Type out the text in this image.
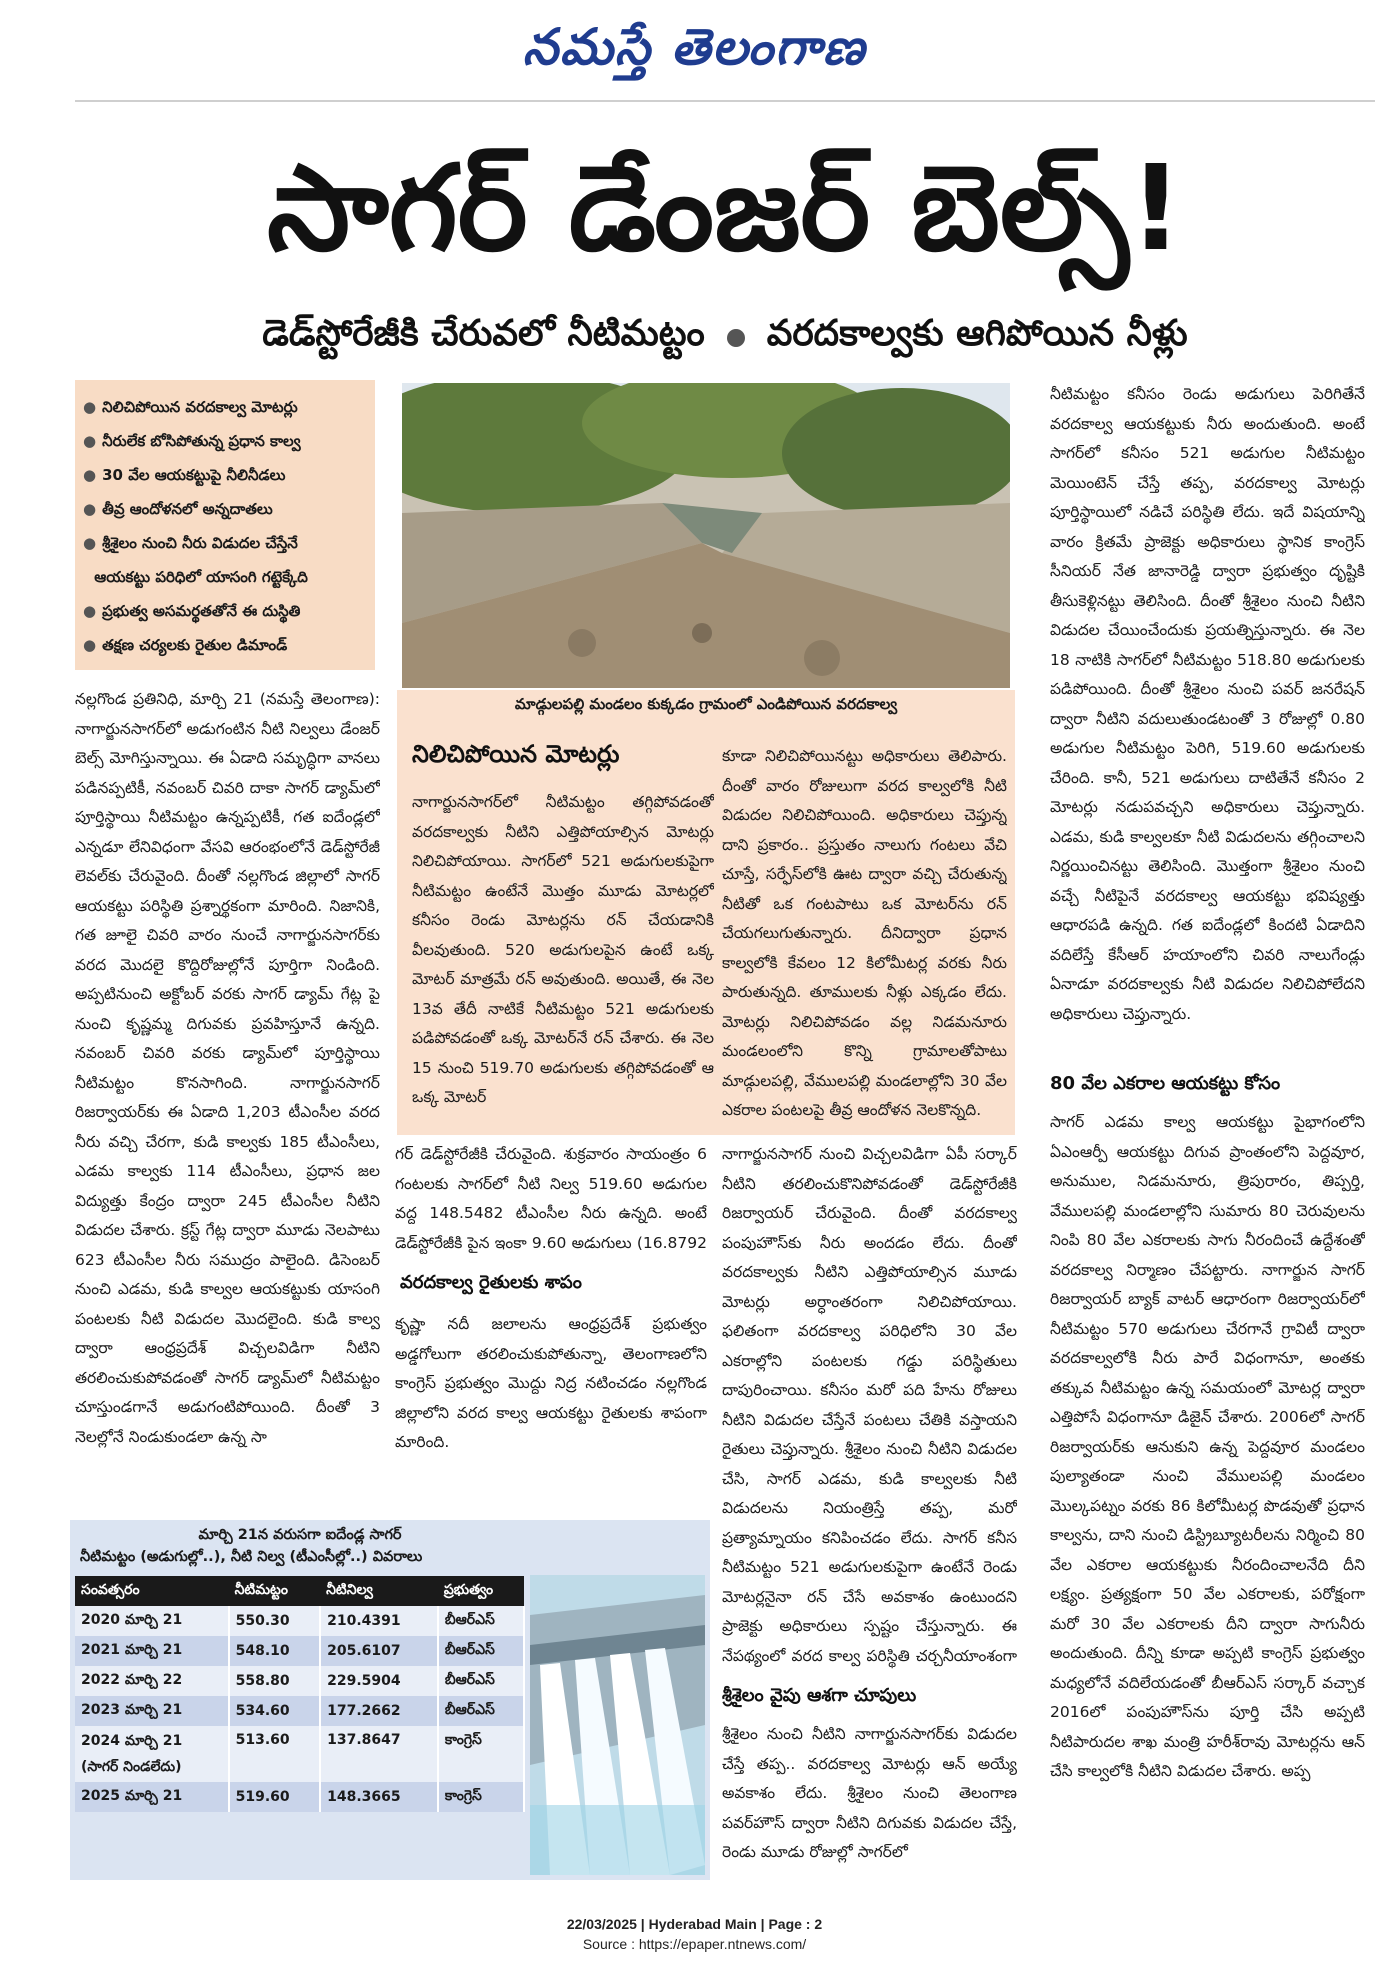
నమస్తే తెలంగాణ
సాగర్ డేంజర్ బెల్స్!
డెడ్‌స్టోరేజీకి చేరువలో నీటిమట్టం వరదకాల్వకు ఆగిపోయిన నీళ్లు
● నిలిచిపోయిన వరదకాల్వ మోటర్లు
● నీరులేక బోసిపోతున్న ప్రధాన కాల్వ
● 30 వేల ఆయకట్టుపై నీలినీడలు
● తీవ్ర ఆందోళనలో అన్నదాతలు
● శ్రీశైలం నుంచి నీరు విడుదల చేస్తేనే
ఆయకట్టు పరిధిలో యాసంగి గట్టెక్కేది
● ప్రభుత్వ అసమర్థతతోనే ఈ దుస్థితి
● తక్షణ చర్యలకు రైతుల డిమాండ్
మాడ్గులపల్లి మండలం కుక్కడం గ్రామంలో ఎండిపోయిన వరదకాల్వ
నల్లగొండ ప్రతినిధి, మార్చి 21 (నమస్తే తెలంగాణ): నాగార్జునసాగర్‌లో అడుగంటిన నీటి నిల్వలు డేంజర్ బెల్స్ మోగిస్తున్నాయి. ఈ ఏడాది సమృద్ధిగా వానలు పడినప్పటికీ, నవంబర్ చివరి దాకా సాగర్ డ్యామ్‌లో పూర్తిస్థాయి నీటిమట్టం ఉన్నప్పటికీ, గత ఐదేండ్లలో ఎన్నడూ లేనివిధంగా వేసవి ఆరంభంలోనే డెడ్‌స్టోరేజీ లెవల్‌కు చేరువైంది. దీంతో నల్లగొండ జిల్లాలో సాగర్ ఆయకట్టు పరిస్థితి ప్రశ్నార్థకంగా మారింది. నిజానికి, గత జూలై చివరి వారం నుంచే నాగార్జునసాగర్‌కు వరద మొదలై కొద్దిరోజుల్లోనే పూర్తిగా నిండింది. అప్పటినుంచి అక్టోబర్ వరకు సాగర్ డ్యామ్ గేట్ల పై నుంచి కృష్ణమ్మ దిగువకు ప్రవహిస్తూనే ఉన్నది. నవంబర్ చివరి వరకు డ్యామ్‌లో పూర్తిస్థాయి నీటిమట్టం కొనసాగింది. నాగార్జునసాగర్ రిజర్వాయర్‌కు ఈ ఏడాది 1,203 టీఎంసీల వరద నీరు వచ్చి చేరగా, కుడి కాల్వకు 185 టీఎంసీలు, ఎడమ కాల్వకు 114 టీఎంసీలు, ప్రధాన జల విద్యుత్తు కేంద్రం ద్వారా 245 టీఎంసీల నీటిని విడుదల చేశారు. క్రస్ట్ గేట్ల ద్వారా మూడు నెలపాటు 623 టీఎంసీల నీరు సముద్రం పాలైంది. డిసెంబర్ నుంచి ఎడమ, కుడి కాల్వల ఆయకట్టుకు యాసంగి పంటలకు నీటి విడుదల మొదలైంది. కుడి కాల్వ ద్వారా ఆంధ్రప్రదేశ్ విచ్చలవిడిగా నీటిని తరలించుకుపోవడంతో సాగర్ డ్యామ్‌లో నీటిమట్టం చూస్తుండగానే అడుగంటిపోయింది. దీంతో 3 నెలల్లోనే నిండుకుండలా ఉన్న సా
నిలిచిపోయిన మోటర్లు
నాగార్జునసాగర్‌లో నీటిమట్టం తగ్గిపోవడంతో వరదకాల్వకు నీటిని ఎత్తిపోయాల్సిన మోటర్లు నిలిచిపోయాయి. సాగర్‌లో 521 అడుగులకుపైగా నీటిమట్టం ఉంటేనే మొత్తం మూడు మోటర్లలో కనీసం రెండు మోటర్లను రన్ చేయడానికి వీలవుతుంది. 520 అడుగులపైన ఉంటే ఒక్క మోటర్ మాత్రమే రన్ అవుతుంది. అయితే, ఈ నెల 13వ తేదీ నాటికే నీటిమట్టం 521 అడుగులకు పడిపోవడంతో ఒక్క మోటర్‌నే రన్ చేశారు. ఈ నెల 15 నుంచి 519.70 అడుగులకు తగ్గిపోవడంతో ఆ ఒక్క మోటర్
కూడా నిలిచిపోయినట్టు అధికారులు తెలిపారు. దీంతో వారం రోజులుగా వరద కాల్వలోకి నీటి విడుదల నిలిచిపోయింది. అధికారులు చెప్తున్న దాని ప్రకారం.. ప్రస్తుతం నాలుగు గంటలు వేచి చూస్తే, సర్ఫేస్‌లోకి ఊట ద్వారా వచ్చి చేరుతున్న నీటితో ఒక గంటపాటు ఒక మోటర్‌ను రన్ చేయగలుగుతున్నారు. దీనిద్వారా ప్రధాన కాల్వలోకి కేవలం 12 కిలోమీటర్ల వరకు నీరు పారుతున్నది. తూములకు నీళ్లు ఎక్కడం లేదు. మోటర్లు నిలిచిపోవడం వల్ల నిడమనూరు మండలంలోని కొన్ని గ్రామాలతోపాటు మాడ్గులపల్లి, వేములపల్లి మండలాల్లోని 30 వేల ఎకరాల పంటలపై తీవ్ర ఆందోళన నెలకొన్నది.
గర్ డెడ్‌స్టోరేజీకి చేరువైంది. శుక్రవారం సాయంత్రం 6 గంటలకు సాగర్‌లో నీటి నిల్వ 519.60 అడుగుల వద్ద 148.5482 టీఎంసీల నీరు ఉన్నది. అంటే డెడ్‌స్టోరేజీకి పైన ఇంకా 9.60 అడుగులు (16.8792
వరదకాల్వ రైతులకు శాపం
కృష్ణా నదీ జలాలను ఆంధ్రప్రదేశ్ ప్రభుత్వం అడ్డగోలుగా తరలించుకుపోతున్నా, తెలంగాణలోని కాంగ్రెస్ ప్రభుత్వం మొద్దు నిద్ర నటించడం నల్లగొండ జిల్లాలోని వరద కాల్వ ఆయకట్టు రైతులకు శాపంగా మారింది.
నాగార్జునసాగర్ నుంచి విచ్చలవిడిగా ఏపీ సర్కార్ నీటిని తరలించుకొనిపోవడంతో డెడ్‌స్టోరేజీకి రిజర్వాయర్ చేరువైంది. దీంతో వరదకాల్వ పంపుహౌస్‌కు నీరు అందడం లేదు. దీంతో వరదకాల్వకు నీటిని ఎత్తిపోయాల్సిన మూడు మోటర్లు అర్ధాంతరంగా నిలిచిపోయాయి. ఫలితంగా వరదకాల్వ పరిధిలోని 30 వేల ఎకరాల్లోని పంటలకు గడ్డు పరిస్థితులు దాపురించాయి. కనీసం మరో పది హేను రోజులు నీటిని విడుదల చేస్తేనే పంటలు చేతికి వస్తాయని రైతులు చెప్తున్నారు. శ్రీశైలం నుంచి నీటిని విడుదల చేసి, సాగర్ ఎడమ, కుడి కాల్వలకు నీటి విడుదలను నియంత్రిస్తే తప్ప, మరో ప్రత్యామ్నాయం కనిపించడం లేదు. సాగర్ కనీస నీటిమట్టం 521 అడుగులకుపైగా ఉంటేనే రెండు మోటర్లనైనా రన్ చేసే అవకాశం ఉంటుందని ప్రాజెక్టు అధికారులు స్పష్టం చేస్తున్నారు. ఈ నేపథ్యంలో వరద కాల్వ పరిస్థితి చర్చనీయాంశంగా
శ్రీశైలం వైపు ఆశగా చూపులు
శ్రీశైలం నుంచి నీటిని నాగార్జునసాగర్‌కు విడుదల చేస్తే తప్ప.. వరదకాల్వ మోటర్లు ఆన్ అయ్యే అవకాశం లేదు. శ్రీశైలం నుంచి తెలంగాణ పవర్‌హౌస్ ద్వారా నీటిని దిగువకు విడుదల చేస్తే, రెండు మూడు రోజుల్లో సాగర్‌లో
నీటిమట్టం కనీసం రెండు అడుగులు పెరిగితేనే వరదకాల్వ ఆయకట్టుకు నీరు అందుతుంది. అంటే సాగర్‌లో కనీసం 521 అడుగుల నీటిమట్టం మెయింటెన్ చేస్తే తప్ప, వరదకాల్వ మోటర్లు పూర్తిస్థాయిలో నడిచే పరిస్థితి లేదు. ఇదే విషయాన్ని వారం క్రితమే ప్రాజెక్టు అధికారులు స్థానిక కాంగ్రెస్ సీనియర్ నేత జానారెడ్డి ద్వారా ప్రభుత్వం దృష్టికి తీసుకెళ్లినట్టు తెలిసింది. దీంతో శ్రీశైలం నుంచి నీటిని విడుదల చేయించేందుకు ప్రయత్నిస్తున్నారు. ఈ నెల 18 నాటికి సాగర్‌లో నీటిమట్టం 518.80 అడుగులకు పడిపోయింది. దీంతో శ్రీశైలం నుంచి పవర్ జనరేషన్ ద్వారా నీటిని వదులుతుండటంతో 3 రోజుల్లో 0.80 అడుగుల నీటిమట్టం పెరిగి, 519.60 అడుగులకు చేరింది. కానీ, 521 అడుగులు దాటితేనే కనీసం 2 మోటర్లు నడుపవచ్చని అధికారులు చెప్తున్నారు. ఎడమ, కుడి కాల్వలకూ నీటి విడుదలను తగ్గించాలని నిర్ణయించినట్టు తెలిసింది. మొత్తంగా శ్రీశైలం నుంచి వచ్చే నీటిపైనే వరదకాల్వ ఆయకట్టు భవిష్యత్తు ఆధారపడి ఉన్నది. గత ఐదేండ్లలో కింద‌టి ఏడాదిని వదిలేస్తే కేసీఆర్ హయాంలోని చివరి నాలుగేండ్లు ఏనాడూ వరదకాల్వకు నీటి విడుదల నిలిచిపోలేదని అధికారులు చెప్తున్నారు.
80 వేల ఎకరాల ఆయకట్టు కోసం
సాగర్ ఎడమ కాల్వ ఆయకట్టు పైభాగంలోని ఏఎంఆర్పీ ఆయకట్టు దిగువ ప్రాంతంలోని పెద్దవూర, అనుముల, నిడమనూరు, త్రిపురారం, తిప్పర్తి, వేములపల్లి మండలాల్లోని సుమారు 80 చెరువులను నింపి 80 వేల ఎకరాలకు సాగు నీరందించే ఉద్దేశంతో వరదకాల్వ నిర్మాణం చేపట్టారు. నాగార్జున సాగర్ రిజర్వాయర్ బ్యాక్ వాటర్ ఆధారంగా రిజర్వాయర్‌లో నీటిమట్టం 570 అడుగులు చేరగానే గ్రావిటీ ద్వారా వరదకాల్వలోకి నీరు పారే విధంగానూ, అంతకు తక్కువ నీటిమట్టం ఉన్న సమయంలో మోటర్ల ద్వారా ఎత్తిపోసే విధంగానూ డిజైన్ చేశారు. 2006లో సాగర్ రిజర్వాయర్‌కు ఆనుకుని ఉన్న పెద్దవూర మండలం పుల్యాతండా నుంచి వేములపల్లి మండలం మొల్కపట్నం వరకు 86 కిలోమీటర్ల పొడవుతో ప్రధాన కాల్వను, దాని నుంచి డిస్ట్రిబ్యూటరీలను నిర్మించి 80 వేల ఎకరాల ఆయకట్టుకు నీరందించాలనేది దీని లక్ష్యం. ప్రత్యక్షంగా 50 వేల ఎకరాలకు, పరోక్షంగా మరో 30 వేల ఎకరాలకు దీని ద్వారా సాగునీరు అందుతుంది. దీన్ని కూడా అప్పటి కాంగ్రెస్ ప్రభుత్వం మధ్యలోనే వదిలేయడంతో బీఆర్ఎస్ సర్కార్ వచ్చాక 2016లో పంపుహౌస్‌ను పూర్తి చేసి అప్పటి నీటిపారుదల శాఖ మంత్రి హరీశ్‌రావు మోటర్లను ఆన్ చేసి కాల్వలోకి నీటిని విడుదల చేశారు. అప్ప
మార్చి 21న వరుసగా ఐదేండ్ల సాగర్
నీటిమట్టం (అడుగుల్లో..), నీటి నిల్వ (టీఎంసీల్లో..) వివరాలు
సంవత్సరం	నీటిమట్టం	నీటినిల్వ	ప్రభుత్వం
2020 మార్చి 21	550.30	210.4391	బీఆర్ఎస్
2021 మార్చి 21	548.10	205.6107	బీఆర్ఎస్
2022 మార్చి 22	558.80	229.5904	బీఆర్ఎస్
2023 మార్చి 21	534.60	177.2662	బీఆర్ఎస్

2024 మార్చి 21
(సాగర్ నిండలేదు)	513.60	137.8647	కాంగ్రెస్
2025 మార్చి 21	519.60	148.3665	కాంగ్రెస్
22/03/2025 | Hyderabad Main | Page : 2
Source : https://epaper.ntnews.com/
